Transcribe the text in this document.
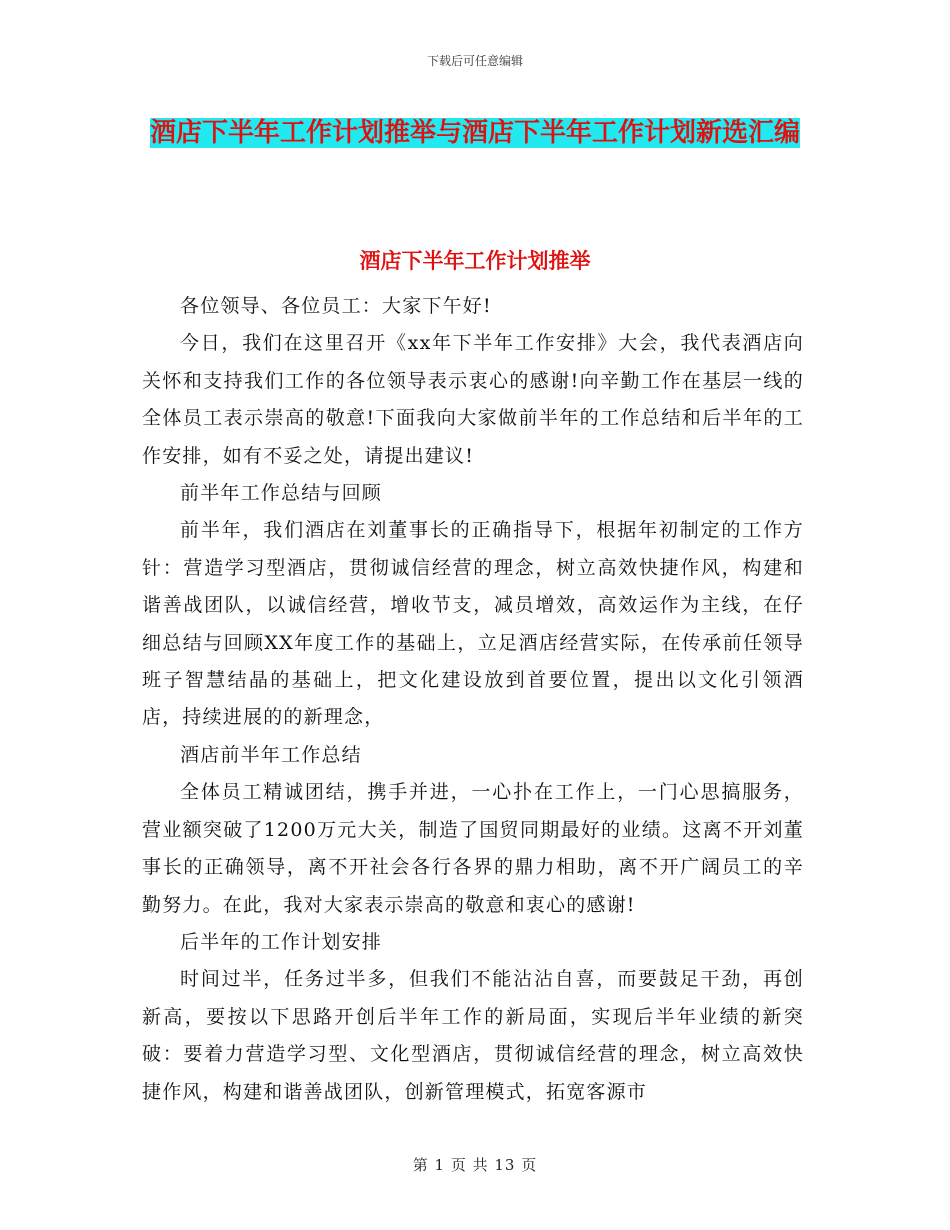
下载后可任意编辑
酒店下半年工作计划推举与酒店下半年工作计划新选汇编
酒店下半年工作计划推举

各位领导、各位员工：大家下午好!

今日，我们在这里召开《xx年下半年工作安排》大会，我代表酒店向关怀和支持我们工作的各位领导表示衷心的感谢!向辛勤工作在基层一线的全体员工表示崇高的敬意!下面我向大家做前半年的工作总结和后半年的工作安排，如有不妥之处，请提出建议!

前半年工作总结与回顾

前半年，我们酒店在刘董事长的正确指导下，根据年初制定的工作方针：营造学习型酒店，贯彻诚信经营的理念，树立高效快捷作风，构建和谐善战团队，以诚信经营，增收节支，减员增效，高效运作为主线，在仔细总结与回顾XX年度工作的基础上，立足酒店经营实际，在传承前任领导班子智慧结晶的基础上，把文化建设放到首要位置，提出以文化引领酒店，持续进展的的新理念，

酒店前半年工作总结

全体员工精诚团结，携手并进，一心扑在工作上，一门心思搞服务，营业额突破了1200万元大关，制造了国贸同期最好的业绩。这离不开刘董事长的正确领导，离不开社会各行各界的鼎力相助，离不开广阔员工的辛勤努力。在此，我对大家表示崇高的敬意和衷心的感谢!

后半年的工作计划安排

时间过半，任务过半多，但我们不能沾沾自喜，而要鼓足干劲，再创新高，要按以下思路开创后半年工作的新局面，实现后半年业绩的新突破：要着力营造学习型、文化型酒店，贯彻诚信经营的理念，树立高效快捷作风，构建和谐善战团队，创新管理模式，拓宽客源市

第 1 页 共 13 页
